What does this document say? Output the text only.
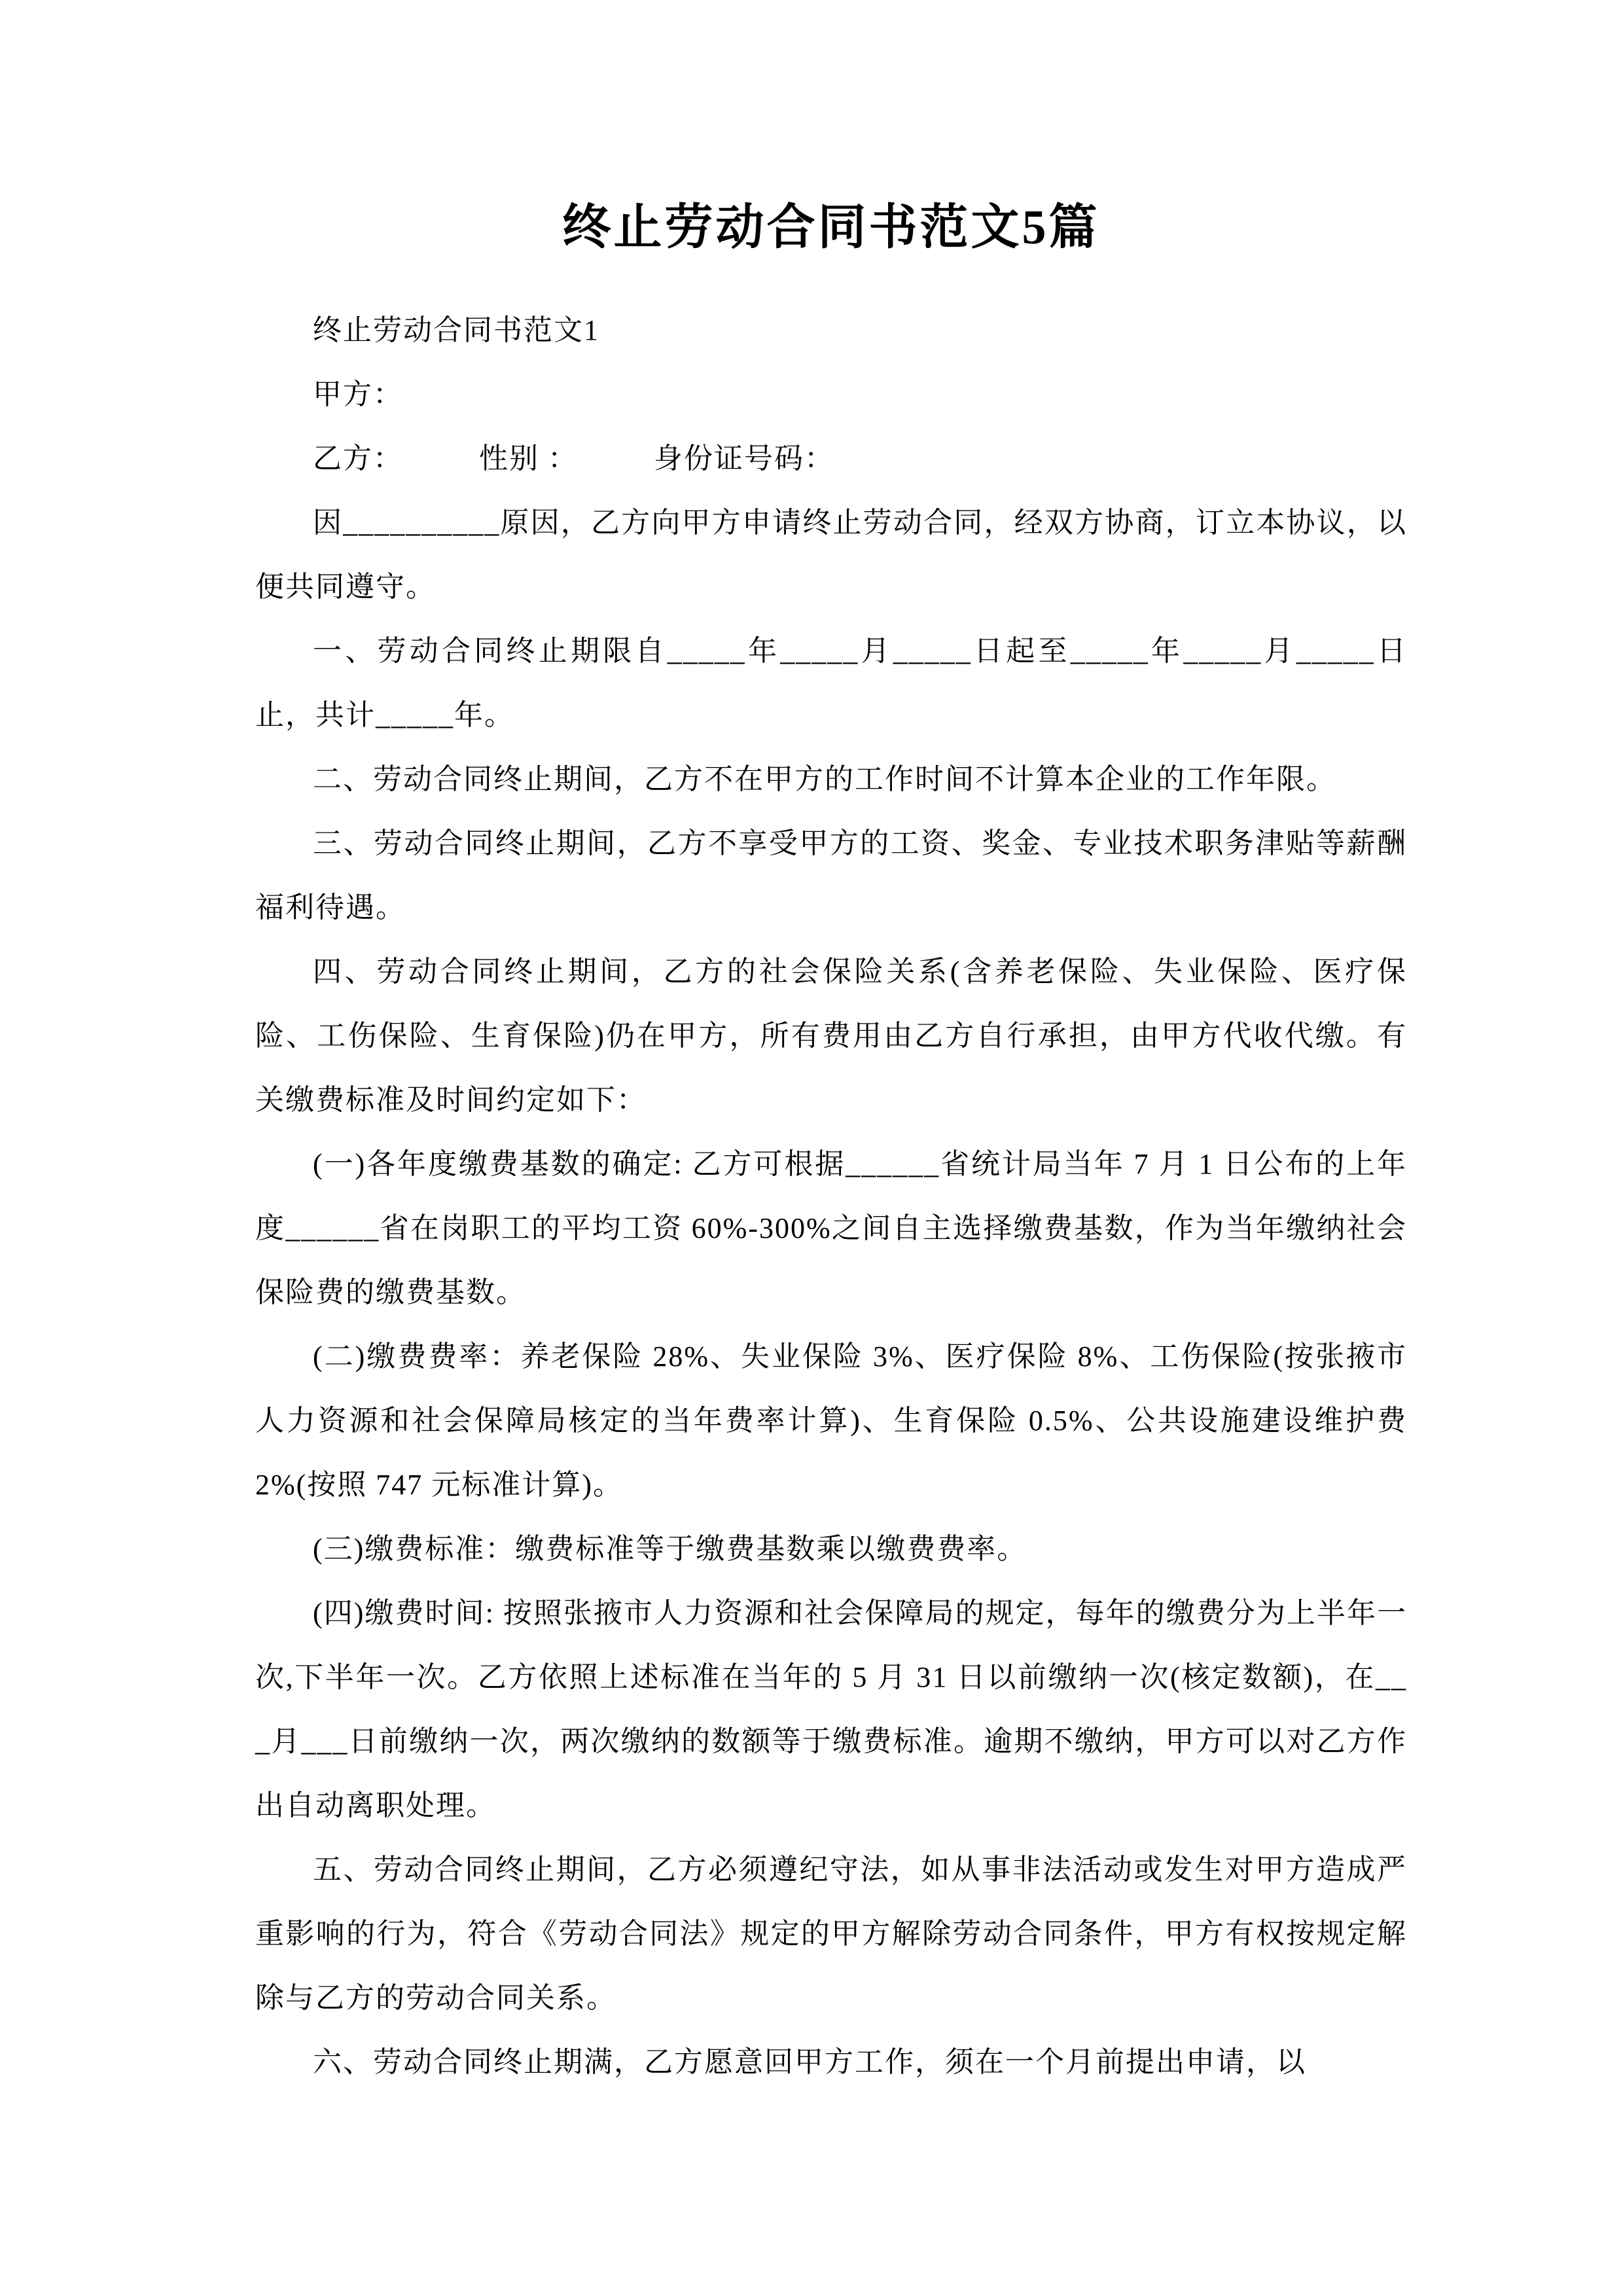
终止劳动合同书范文5篇

终止劳动合同书范文1

甲方：

乙方：　　　性别 ：　　　身份证号码：

因__________原因，乙方向甲方申请终止劳动合同，经双方协商，订立本协议，以便共同遵守。

一、劳动合同终止期限自_____年_____月_____日起至_____年_____月_____日止，共计_____年。

二、劳动合同终止期间，乙方不在甲方的工作时间不计算本企业的工作年限。

三、劳动合同终止期间，乙方不享受甲方的工资、奖金、专业技术职务津贴等薪酬福利待遇。

四、劳动合同终止期间，乙方的社会保险关系(含养老保险、失业保险、医疗保险、工伤保险、生育保险)仍在甲方，所有费用由乙方自行承担，由甲方代收代缴。有关缴费标准及时间约定如下：

(一)各年度缴费基数的确定: 乙方可根据______省统计局当年 7 月 1 日公布的上年度______省在岗职工的平均工资 60%-300%之间自主选择缴费基数，作为当年缴纳社会保险费的缴费基数。

(二)缴费费率：养老保险 28%、失业保险 3%、医疗保险 8%、工伤保险(按张掖市人力资源和社会保障局核定的当年费率计算)、生育保险 0.5%、公共设施建设维护费 2%(按照 747 元标准计算)。

(三)缴费标准：缴费标准等于缴费基数乘以缴费费率。

(四)缴费时间: 按照张掖市人力资源和社会保障局的规定，每年的缴费分为上半年一次,下半年一次。乙方依照上述标准在当年的 5 月 31 日以前缴纳一次(核定数额)，在___月___日前缴纳一次，两次缴纳的数额等于缴费标准。逾期不缴纳，甲方可以对乙方作出自动离职处理。

五、劳动合同终止期间，乙方必须遵纪守法，如从事非法活动或发生对甲方造成严重影响的行为，符合《劳动合同法》规定的甲方解除劳动合同条件，甲方有权按规定解除与乙方的劳动合同关系。

六、劳动合同终止期满，乙方愿意回甲方工作，须在一个月前提出申请，以
